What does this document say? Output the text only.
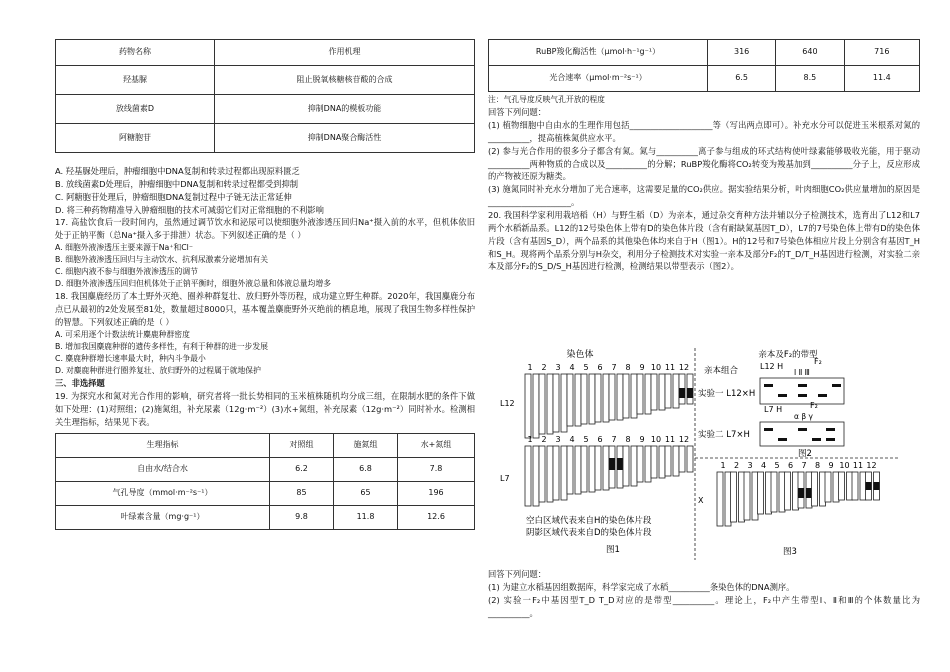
药物名称	作用机理
羟基脲	阻止脱氧核糖核苷酸的合成
放线菌素D	抑制DNA的模板功能
阿糖胞苷	抑制DNA聚合酶活性

A. 羟基脲处理后，肿瘤细胞中DNA复制和转录过程都出现原料匮乏

B. 放线菌素D处理后，肿瘤细胞中DNA复制和转录过程都受到抑制

C. 阿糖胞苷处理后，肿瘤细胞DNA复制过程中子链无法正常延伸

D. 将三种药物精准导入肿瘤细胞的技术可减弱它们对正常细胞的不利影响

17. 高盐饮食后一段时间内，虽然通过调节饮水和泌尿可以使细胞外液渗透压回归Na⁺摄入前的水平，但机体依旧处于正钠平衡（总Na⁺摄入多于排泄）状态。下列叙述正确的是（ ）

A. 细胞外液渗透压主要来源于Na⁺和Cl⁻

B. 细胞外液渗透压回归与主动饮水、抗利尿激素分泌增加有关

C. 细胞内液不参与细胞外液渗透压的调节

D. 细胞外液渗透压回归但机体处于正钠平衡时，细胞外液总量和体液总量均增多

18. 我国麋鹿经历了本土野外灭绝、圈养种群复壮、放归野外等历程，成功建立野生种群。2020年，我国麋鹿分布点已从最初的2处发展至81处，数量超过8000只，基本覆盖麋鹿野外灭绝前的栖息地，展现了我国生物多样性保护的智慧。下列叙述正确的是（ ）

A. 可采用逐个计数法统计麋鹿种群密度

B. 增加我国麋鹿种群的遗传多样性，有利于种群的进一步发展

C. 麋鹿种群增长速率最大时，种内斗争最小

D. 对麋鹿种群进行圈养复壮、放归野外的过程属于就地保护

三、非选择题

19. 为探究水和氮对光合作用的影响，研究者将一批长势相同的玉米植株随机均分成三组，在限制水肥的条件下做如下处理：(1)对照组；(2)施氮组，补充尿素（12g·m⁻²）(3)水+氮组，补充尿素（12g·m⁻²）同时补水。检测相关生理指标，结果见下表。

生理指标	对照组	施氮组	水+氮组
自由水/结合水	6.2	6.8	7.8
气孔导度（mmol·m⁻²s⁻¹）	85	65	196
叶绿素含量（mg·g⁻¹）	9.8	11.8	12.6
RuBP羧化酶活性（μmol·h⁻¹g⁻¹）	316	640	716
光合速率（μmol·m⁻²s⁻¹）	6.5	8.5	11.4

注：气孔导度反映气孔开放的程度

回答下列问题：

(1) 植物细胞中自由水的生理作用包括____________________等（写出两点即可）。补充水分可以促进玉米根系对氮的__________，提高植株氮供应水平。

(2) 参与光合作用的很多分子都含有氮。氮与__________离子参与组成的环式结构使叶绿素能够吸收光能，用于驱动__________两种物质的合成以及__________的分解；RuBP羧化酶将CO₂转变为羧基加到__________分子上，反应形成的产物被还原为糖类。

(3) 施氮同时补充水分增加了光合速率，这需要足量的CO₂供应。据实验结果分析，叶肉细胞CO₂供应量增加的原因是____________________。

20. 我国科学家利用栽培稻（H）与野生稻（D）为亲本，通过杂交育种方法并辅以分子检测技术，选育出了L12和L7两个水稻新品系。L12的12号染色体上带有D的染色体片段（含有耐缺氮基因T_D），L7的7号染色体上带有D的染色体片段（含有基因S_D），两个品系的其他染色体均来自于H（图1）。H的12号和7号染色体相应片段上分别含有基因T_H和S_H。现将两个品系分别与H杂交，利用分子检测技术对实验一亲本及部分F₂的T_D/T_H基因进行检测，对实验二亲本及部分F₂的S_D/S_H基因进行检测，检测结果以带型表示（图2）。

染色体
1 2 3 4 5 6 7 8 9 10 11 12
L12
1 2 3 4 5 6 7 8 9 10 11 12
L7
空白区域代表来自H的染色体片段
阴影区域代表来自D的染色体片段
图1
亲本及F₂的带型
亲本组合	L12 H
F₂
Ⅰ Ⅱ Ⅲ
实验一 L12×H
L7 H	F₂
α β γ
实验二 L7×H
图2
X
1 2 3 4 5 6 7 8 9 10 11 12
图3

回答下列问题：

(1) 为建立水稻基因组数据库，科学家完成了水稻__________条染色体的DNA测序。

(2) 实验一F₂中基因型T_D T_D对应的是带型__________。理论上，F₂中产生带型Ⅰ、Ⅱ和Ⅲ的个体数量比为__________。
